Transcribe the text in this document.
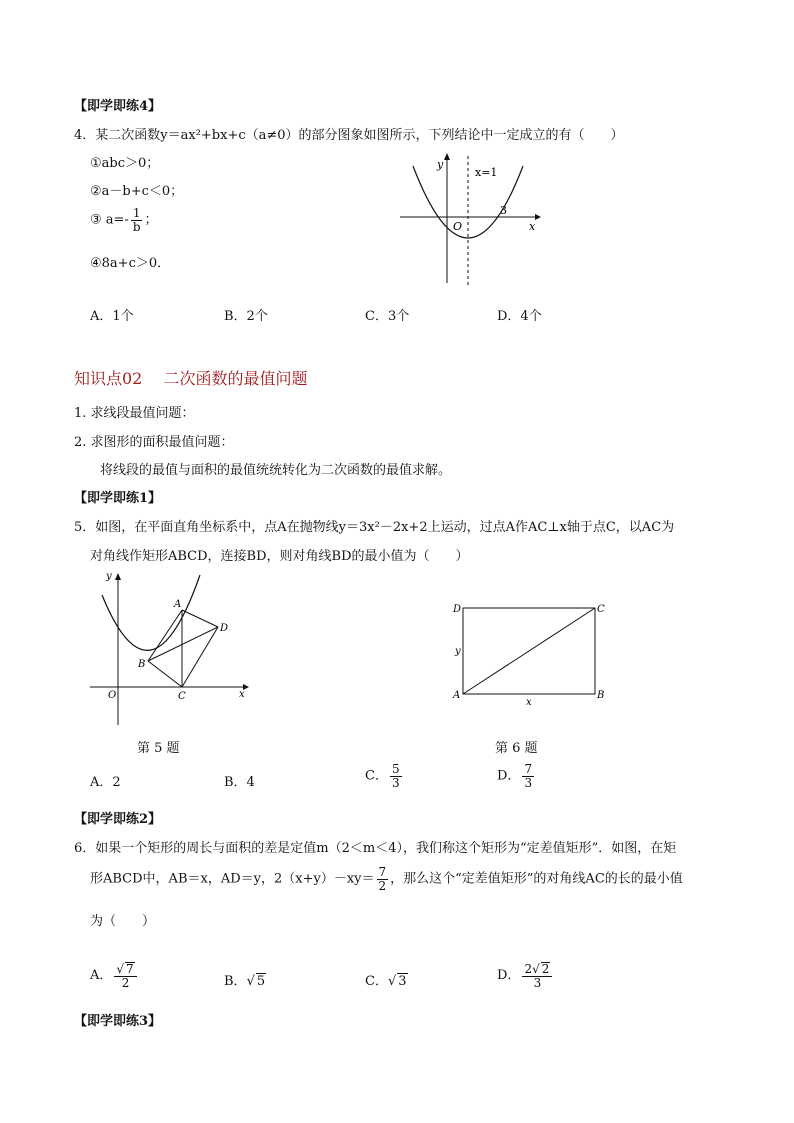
【即学即练4】
4．某二次函数y＝ax²+bx+c（a≠0）的部分图象如图所示，下列结论中一定成立的有（　　）
①abc＞0；
②a－b+c＜0；
③ $a=- \frac{1}{b}$ ；
④8a+c＞0．
y
x
O
x=1
3
A．1个	B．2个	C．3个	D．4个
知识点02　 二次函数的最值问题
1. 求线段最值问题：
2. 求图形的面积最值问题：
将线段的最值与面积的最值统统转化为二次函数的最值求解。
【即学即练1】
5．如图，在平面直角坐标系中，点A在抛物线y＝3x²－2x+2上运动，过点A作AC⊥x轴于点C，以AC为
对角线作矩形ABCD，连接BD，则对角线BD的最小值为（　　）
y
x
O
A
B
C
D
D	C
A	B
y
x
第 5 题	第 6 题
A．2	B．4	C． $\frac{5}{3}$	D． $\frac{7}{3}$
【即学即练2】
6．如果一个矩形的周长与面积的差是定值m（2＜m＜4），我们称这个矩形为“定差值矩形”．如图，在矩
形ABCD中，AB＝x，AD＝y，$2(x+y)-xy= \frac{7}{2}$ ，那么这个“定差值矩形”的对角线AC的长的最小值
为（　　）
A． $\frac{√ 7}{2}$	B．√ 5	C．√ 3	D． $\frac{2√ 2}{3}$
【即学即练3】
